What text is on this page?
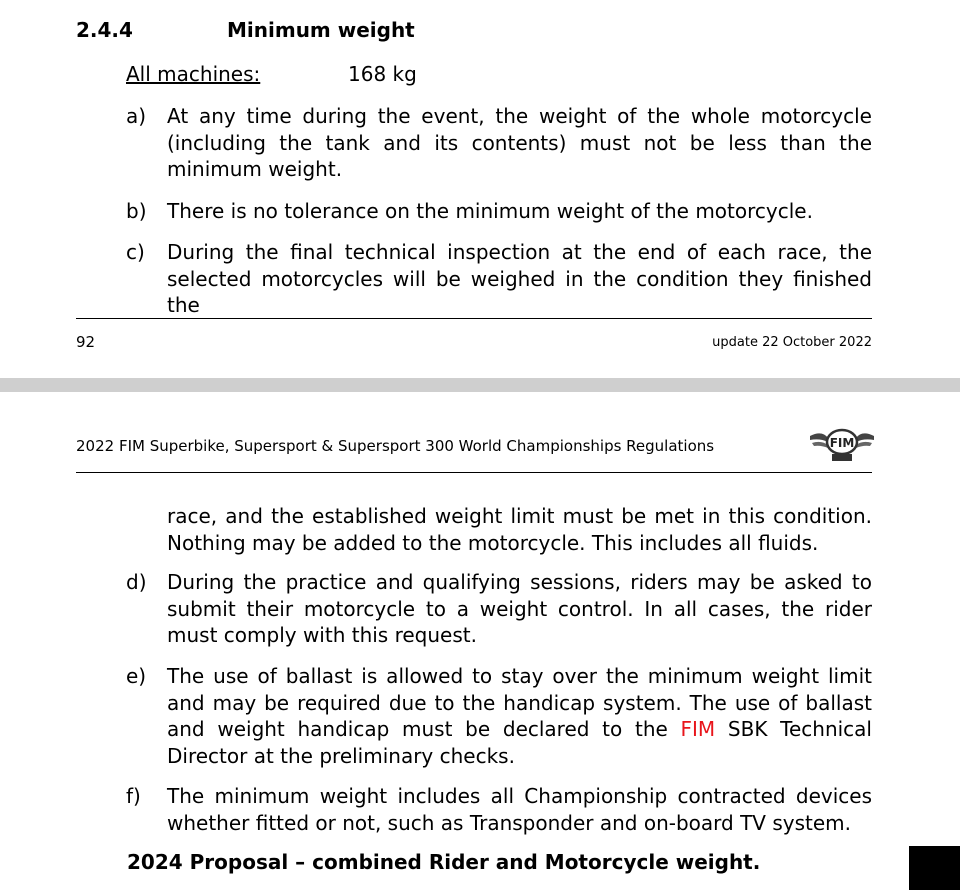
2.4.4	Minimum weight
All machines:	168 kg
a)	At any time during the event, the weight of the whole motorcycle (including the tank and its contents) must not be less than the minimum weight.
b)	There is no tolerance on the minimum weight of the motorcycle.
c)	During the final technical inspection at the end of each race, the selected motorcycles will be weighed in the condition they finished the
92	update 22 October 2022
2022 FIM Superbike, Supersport & Supersport 300 World Championships Regulations	FIM
race, and the established weight limit must be met in this condition. Nothing may be added to the motorcycle. This includes all fluids.
d)	During the practice and qualifying sessions, riders may be asked to submit their motorcycle to a weight control. In all cases, the rider must comply with this request.
e)	The use of ballast is allowed to stay over the minimum weight limit and may be required due to the handicap system. The use of ballast and weight handicap must be declared to the FIM SBK Technical Director at the preliminary checks.
f)	The minimum weight includes all Championship contracted devices whether fitted or not, such as Transponder and on-board TV system.
2024 Proposal – combined Rider and Motorcycle weight.
